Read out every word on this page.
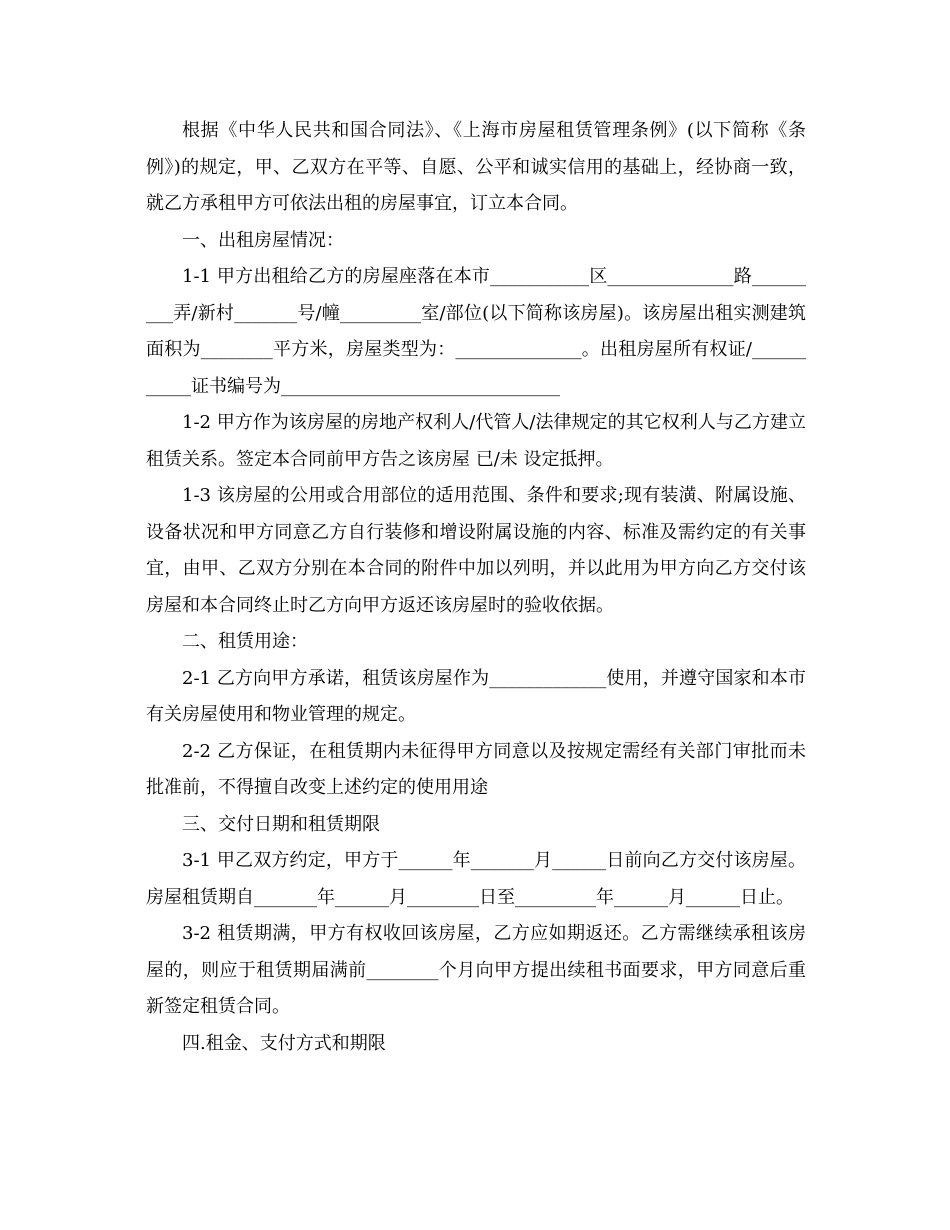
根据《中华人民共和国合同法》、《上海市房屋租赁管理条例》(以下简称《条例》)的规定，甲、乙双方在平等、自愿、公平和诚实信用的基础上，经协商一致，就乙方承租甲方可依法出租的房屋事宜，订立本合同。

一、出租房屋情况：

1-1 甲方出租给乙方的房屋座落在本市___________区______________路_________弄/新村_______号/幢_________室/部位(以下简称该房屋)。该房屋出租实测建筑面积为________平方米，房屋类型为：______________。出租房屋所有权证/___________证书编号为_______________________________

1-2 甲方作为该房屋的房地产权利人/代管人/法律规定的其它权利人与乙方建立租赁关系。签定本合同前甲方告之该房屋 已/未 设定抵押。

1-3 该房屋的公用或合用部位的适用范围、条件和要求;现有装潢、附属设施、设备状况和甲方同意乙方自行装修和增设附属设施的内容、标准及需约定的有关事宜，由甲、乙双方分别在本合同的附件中加以列明，并以此用为甲方向乙方交付该房屋和本合同终止时乙方向甲方返还该房屋时的验收依据。

二、租赁用途：

2-1 乙方向甲方承诺，租赁该房屋作为_____________使用，并遵守国家和本市有关房屋使用和物业管理的规定。

2-2 乙方保证，在租赁期内未征得甲方同意以及按规定需经有关部门审批而未批准前，不得擅自改变上述约定的使用用途

三、交付日期和租赁期限

3-1 甲乙双方约定，甲方于______年_______月______日前向乙方交付该房屋。房屋租赁期自_______年______月________日至_________年______月______日止。

3-2 租赁期满，甲方有权收回该房屋，乙方应如期返还。乙方需继续承租该房屋的，则应于租赁期届满前________个月向甲方提出续租书面要求，甲方同意后重新签定租赁合同。

四.租金、支付方式和期限
